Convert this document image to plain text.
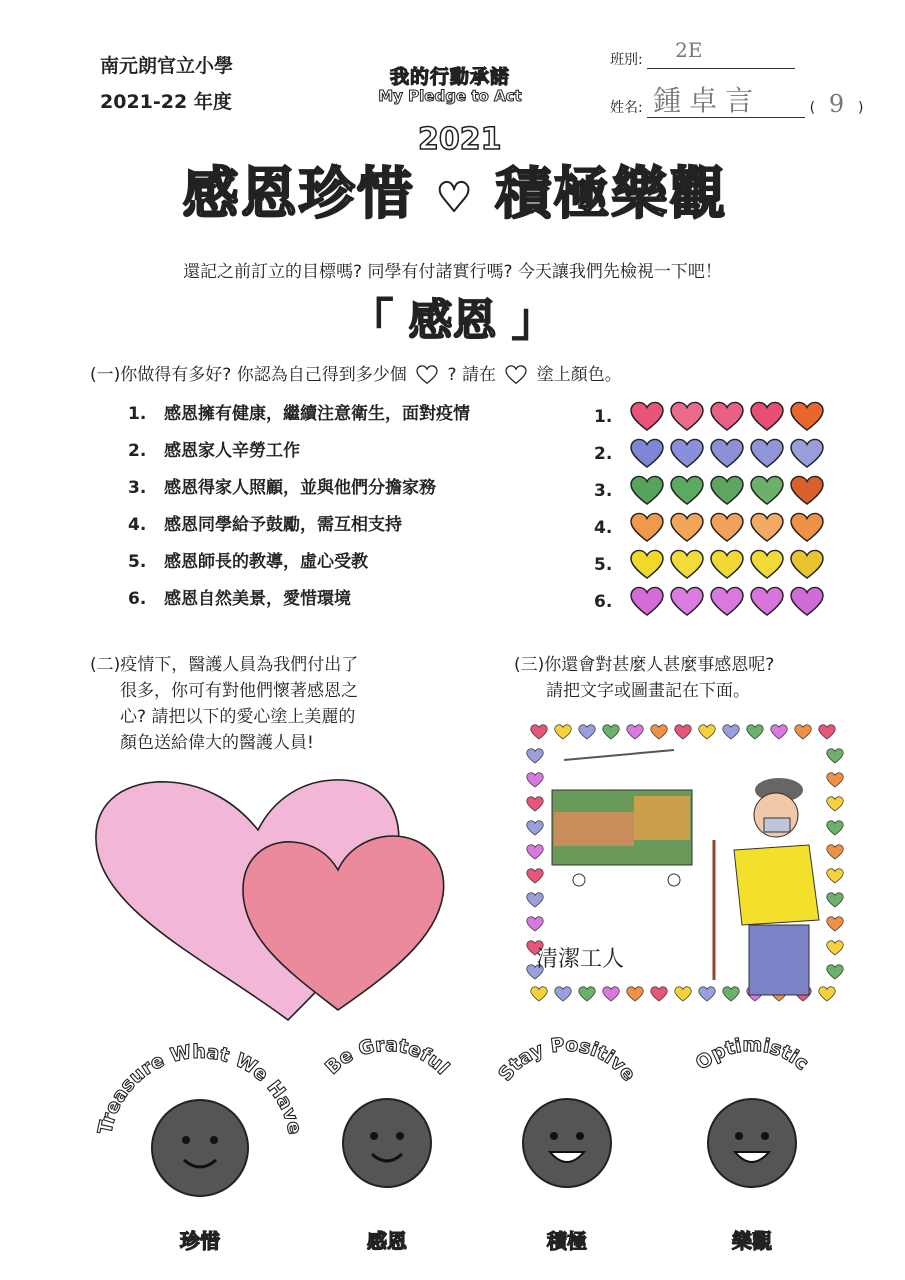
南元朗官立小學
2021-22 年度
我的行動承諾
My Pledge to Act
班別: 2E
姓名: 鍾卓言	( 9 )
2021
感恩珍惜 ♥ 積極樂觀
還記之前訂立的目標嗎? 同學有付諸實行嗎? 今天讓我們先檢視一下吧！
「 感恩 」
(一)你做得有多好? 你認為自己得到多少個 ? 請在 塗上顏色。
1. 感恩擁有健康，繼續注意衛生，面對疫情
2. 感恩家人辛勞工作
3. 感恩得家人照顧，並與他們分擔家務
4. 感恩同學給予鼓勵，需互相支持
5. 感恩師長的教導，虛心受教
6. 感恩自然美景，愛惜環境
1.
2.
3.
4.
5.
6.
(二)疫情下，醫護人員為我們付出了
很多，你可有對他們懷著感恩之
心? 請把以下的愛心塗上美麗的
顏色送給偉大的醫護人員!
(三)你還會對甚麼人甚麼事感恩呢?
請把文字或圖畫記在下面。
清潔工人
Treasure What We Have
珍惜
Be Grateful
感恩
Stay Positive
積極
Optimistic
樂觀
